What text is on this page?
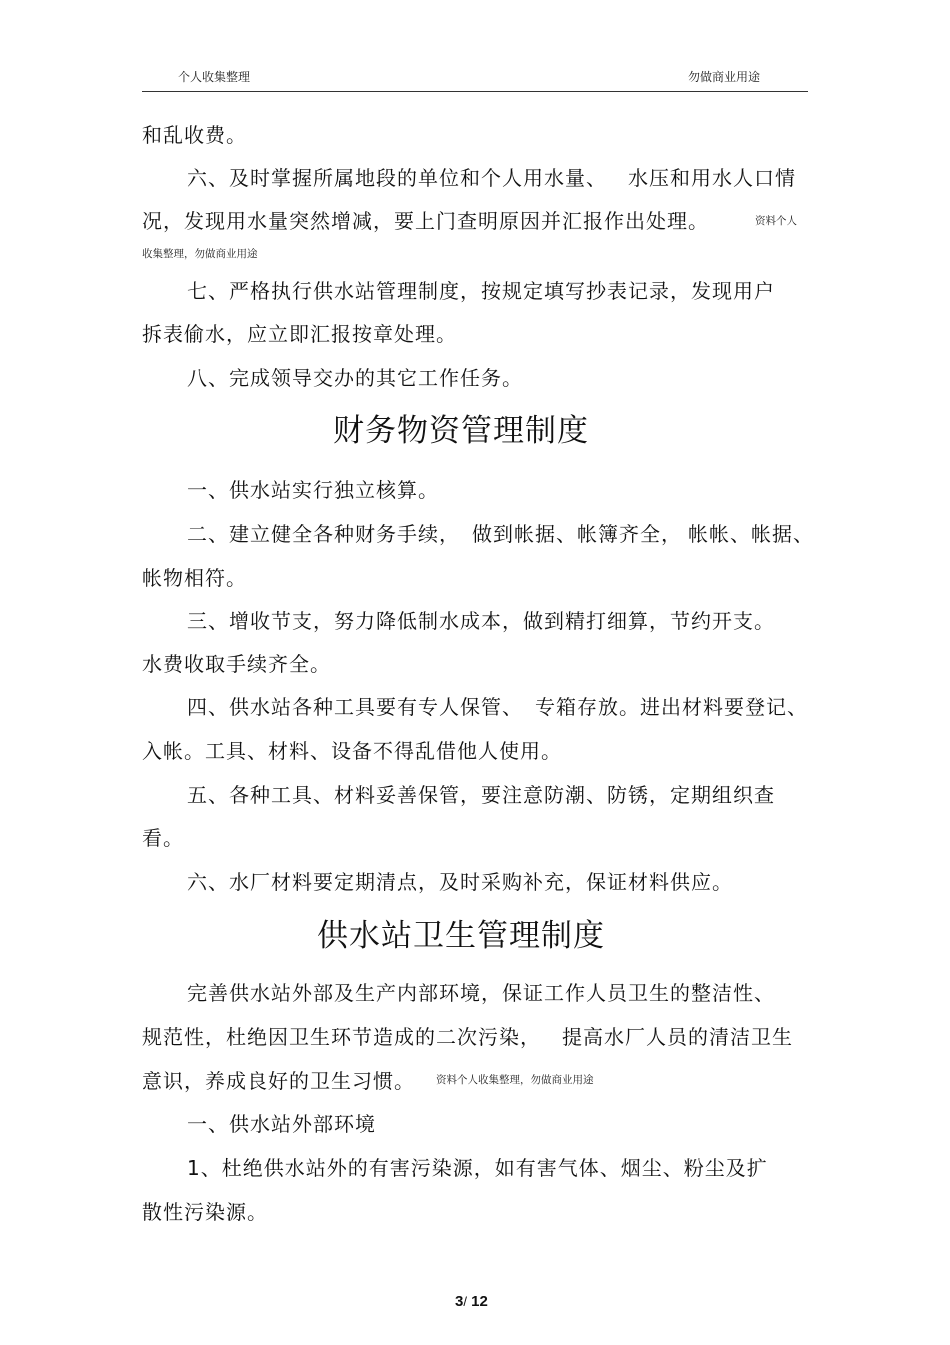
个人收集整理	勿做商业用途
和乱收费。
六、及时掌握所属地段的单位和个人用水量、 水压和用水人口情
况，发现用水量突然增减，要上门查明原因并汇报作出处理。	资料个人
收集整理，勿做商业用途
七、严格执行供水站管理制度，按规定填写抄表记录，发现用户
拆表偷水，应立即汇报按章处理。
八、完成领导交办的其它工作任务。
财务物资管理制度
一、供水站实行独立核算。
二、建立健全各种财务手续， 做到帐据、帐簿齐全， 帐帐、帐据、
帐物相符。
三、增收节支，努力降低制水成本，做到精打细算，节约开支。
水费收取手续齐全。
四、供水站各种工具要有专人保管、 专箱存放。进出材料要登记、
入帐。工具、材料、设备不得乱借他人使用。
五、各种工具、材料妥善保管，要注意防潮、防锈，定期组织查
看。
六、水厂材料要定期清点，及时采购补充，保证材料供应。
供水站卫生管理制度
完善供水站外部及生产内部环境，保证工作人员卫生的整洁性、
规范性，杜绝因卫生环节造成的二次污染， 提高水厂人员的清洁卫生
意识，养成良好的卫生习惯。 资料个人收集整理，勿做商业用途
一、供水站外部环境
1、杜绝供水站外的有害污染源，如有害气体、烟尘、粉尘及扩
散性污染源。
3/ 12
